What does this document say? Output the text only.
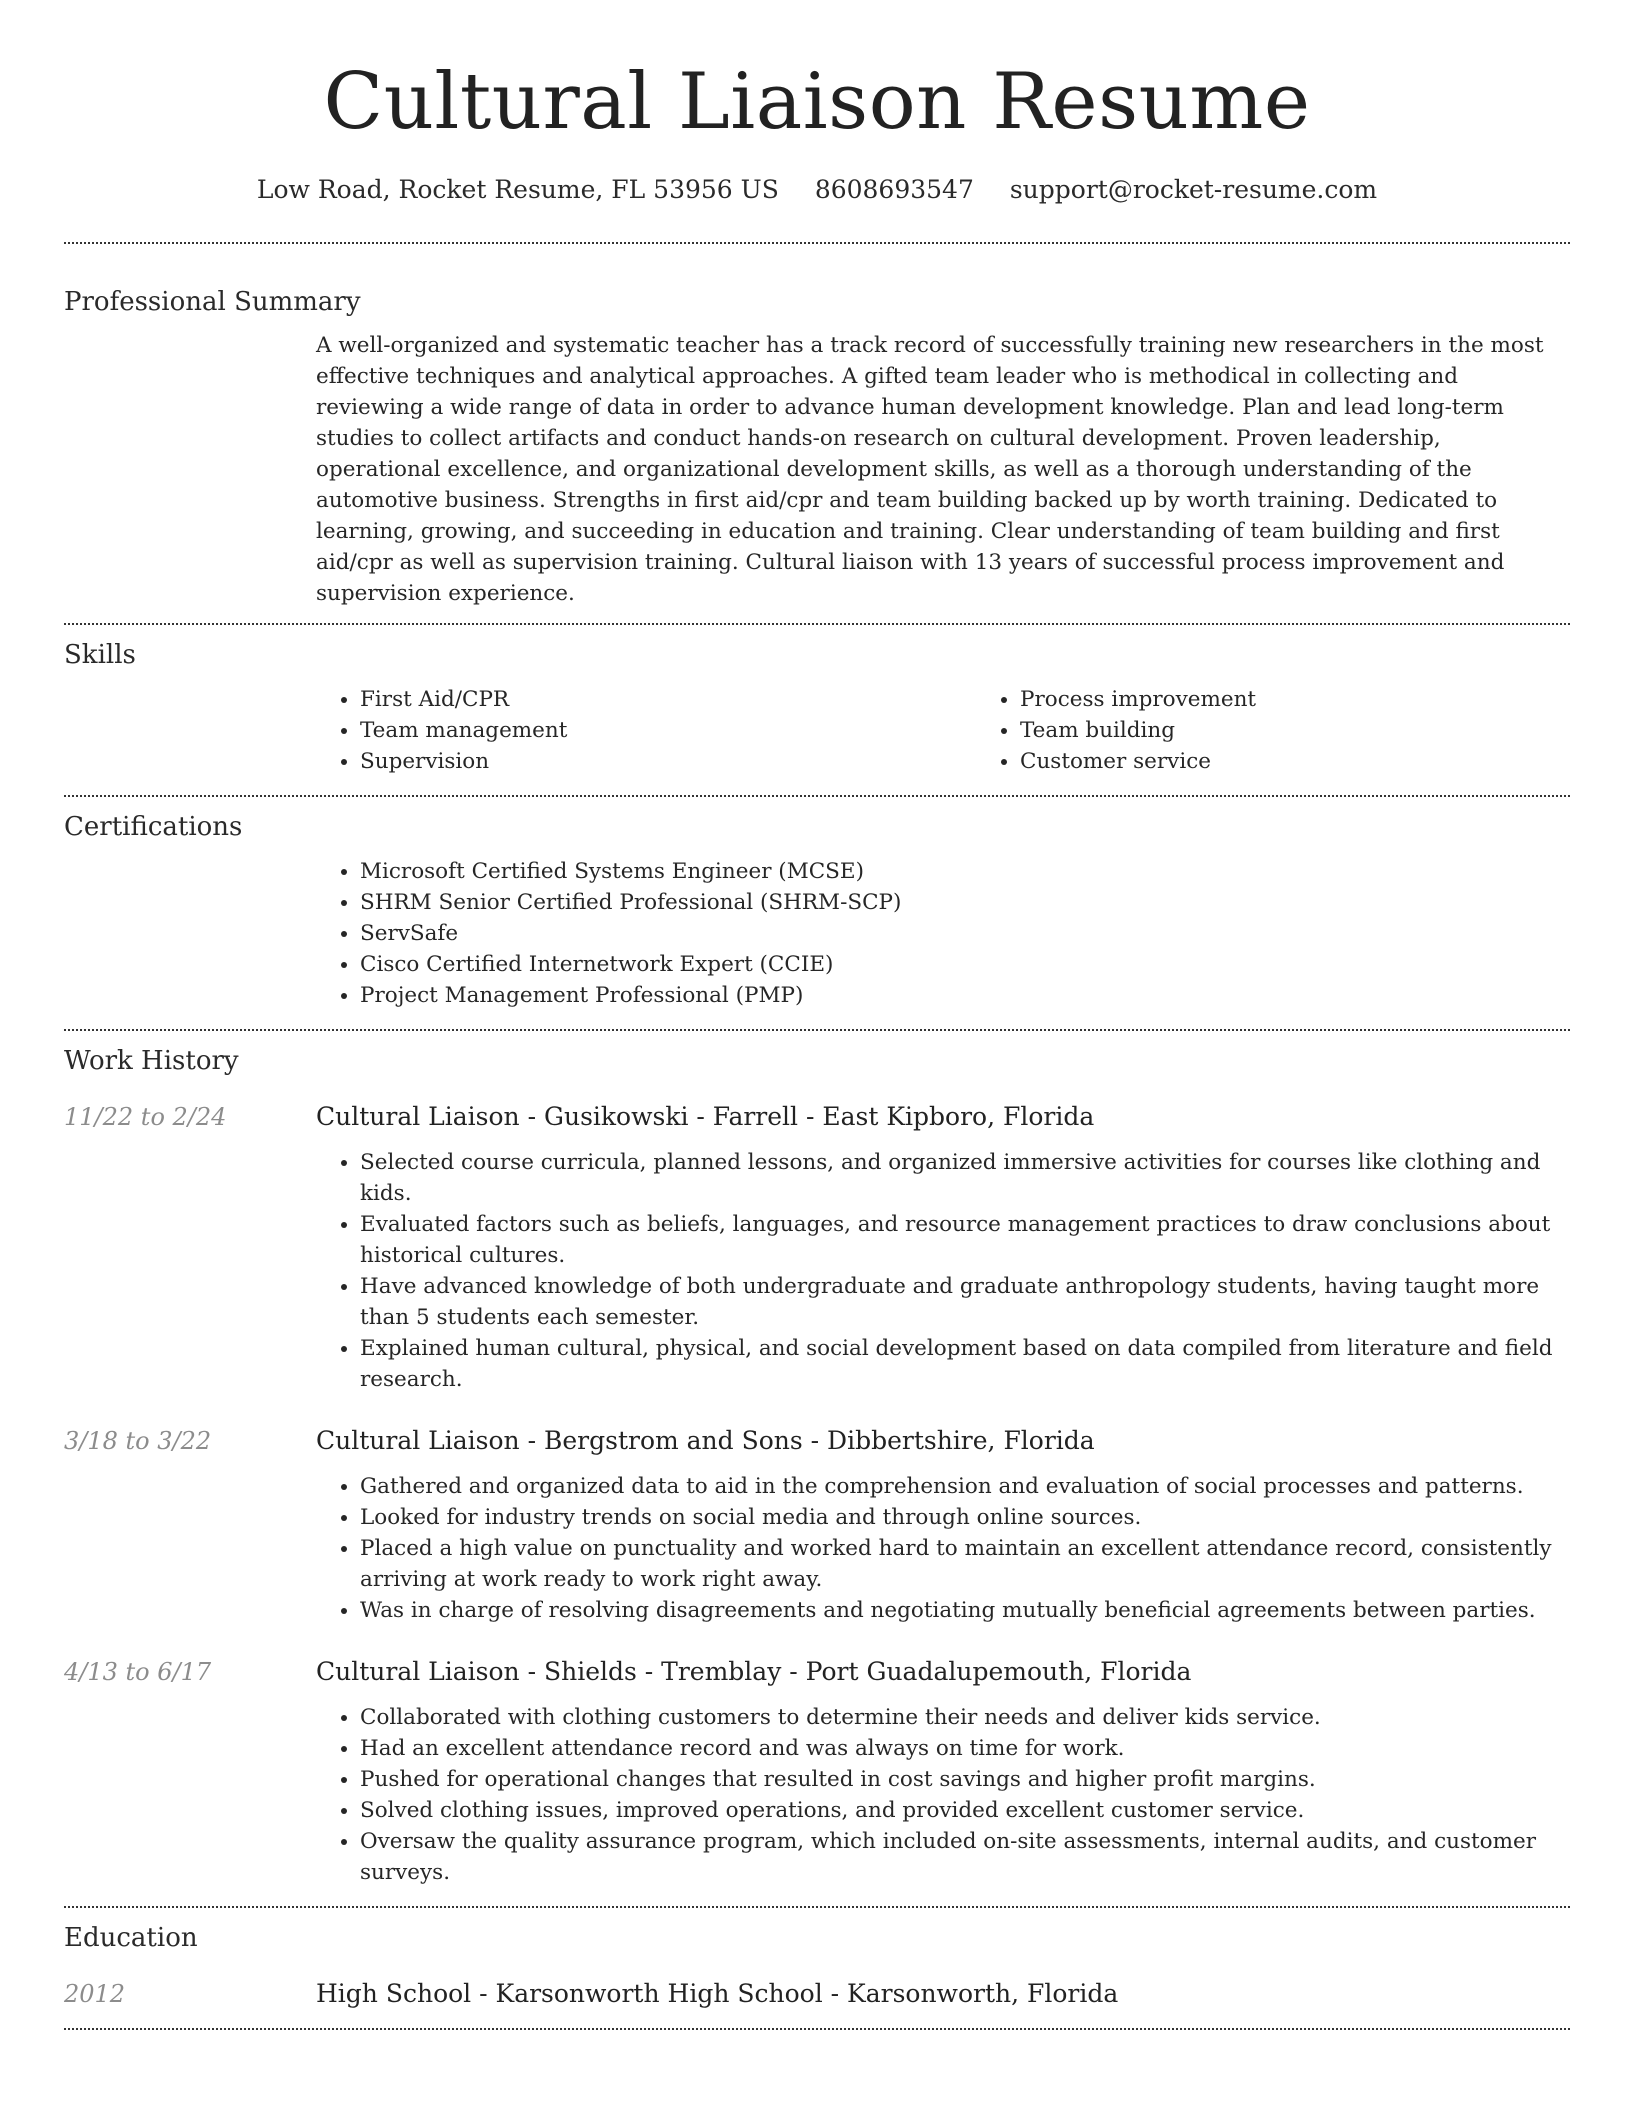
Cultural Liaison Resume
Low Road, Rocket Resume, FL 53956 US 8608693547 support@rocket-resume.com
Professional Summary

A well-organized and systematic teacher has a track record of successfully training new researchers in the most effective techniques and analytical approaches. A gifted team leader who is methodical in collecting and reviewing a wide range of data in order to advance human development knowledge. Plan and lead long-term studies to collect artifacts and conduct hands-on research on cultural development. Proven leadership, operational excellence, and organizational development skills, as well as a thorough understanding of the automotive business. Strengths in first aid/cpr and team building backed up by worth training. Dedicated to learning, growing, and succeeding in education and training. Clear understanding of team building and first aid/cpr as well as supervision training. Cultural liaison with 13 years of successful process improvement and supervision experience.

Skills
• First Aid/CPR
• Team management
• Supervision
• Process improvement
• Team building
• Customer service
Certifications
• Microsoft Certified Systems Engineer (MCSE)
• SHRM Senior Certified Professional (SHRM-SCP)
• ServSafe
• Cisco Certified Internetwork Expert (CCIE)
• Project Management Professional (PMP)
Work History
11/22 to 2/24	Cultural Liaison - Gusikowski - Farrell - East Kipboro, Florida
• Selected course curricula, planned lessons, and organized immersive activities for courses like clothing and kids.
• Evaluated factors such as beliefs, languages, and resource management practices to draw conclusions about historical cultures.
• Have advanced knowledge of both undergraduate and graduate anthropology students, having taught more than 5 students each semester.
• Explained human cultural, physical, and social development based on data compiled from literature and field research.
3/18 to 3/22	Cultural Liaison - Bergstrom and Sons - Dibbertshire, Florida
• Gathered and organized data to aid in the comprehension and evaluation of social processes and patterns.
• Looked for industry trends on social media and through online sources.
• Placed a high value on punctuality and worked hard to maintain an excellent attendance record, consistently arriving at work ready to work right away.
• Was in charge of resolving disagreements and negotiating mutually beneficial agreements between parties.
4/13 to 6/17	Cultural Liaison - Shields - Tremblay - Port Guadalupemouth, Florida
• Collaborated with clothing customers to determine their needs and deliver kids service.
• Had an excellent attendance record and was always on time for work.
• Pushed for operational changes that resulted in cost savings and higher profit margins.
• Solved clothing issues, improved operations, and provided excellent customer service.
• Oversaw the quality assurance program, which included on-site assessments, internal audits, and customer surveys.
Education
2012	High School - Karsonworth High School - Karsonworth, Florida
